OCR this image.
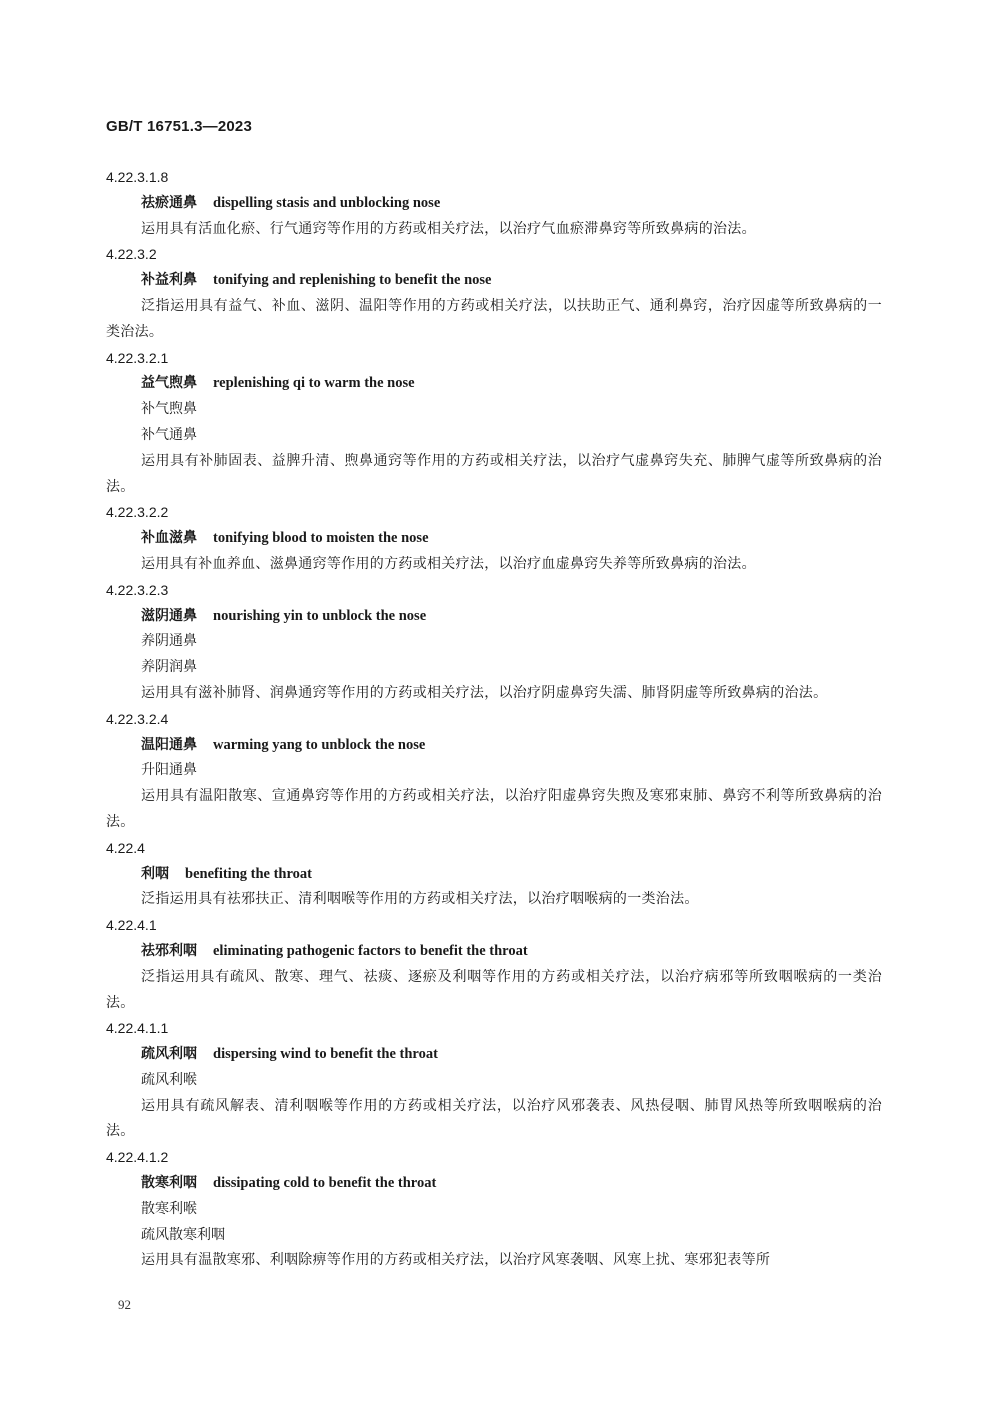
GB/T 16751.3—2023
4.22.3.1.8
祛瘀通鼻 dispelling stasis and unblocking nose
运用具有活血化瘀、行气通窍等作用的方药或相关疗法，以治疗气血瘀滞鼻窍等所致鼻病的治法。
4.22.3.2
补益利鼻 tonifying and replenishing to benefit the nose
泛指运用具有益气、补血、滋阴、温阳等作用的方药或相关疗法，以扶助正气、通利鼻窍，治疗因虚等所致鼻病的一类治法。
4.22.3.2.1
益气煦鼻 replenishing qi to warm the nose
补气煦鼻
补气通鼻
运用具有补肺固表、益脾升清、煦鼻通窍等作用的方药或相关疗法，以治疗气虚鼻窍失充、肺脾气虚等所致鼻病的治法。
4.22.3.2.2
补血滋鼻 tonifying blood to moisten the nose
运用具有补血养血、滋鼻通窍等作用的方药或相关疗法，以治疗血虚鼻窍失养等所致鼻病的治法。
4.22.3.2.3
滋阴通鼻 nourishing yin to unblock the nose
养阴通鼻
养阴润鼻
运用具有滋补肺肾、润鼻通窍等作用的方药或相关疗法，以治疗阴虚鼻窍失濡、肺肾阴虚等所致鼻病的治法。
4.22.3.2.4
温阳通鼻 warming yang to unblock the nose
升阳通鼻
运用具有温阳散寒、宣通鼻窍等作用的方药或相关疗法，以治疗阳虚鼻窍失煦及寒邪束肺、鼻窍不利等所致鼻病的治法。
4.22.4
利咽 benefiting the throat
泛指运用具有祛邪扶正、清利咽喉等作用的方药或相关疗法，以治疗咽喉病的一类治法。
4.22.4.1
祛邪利咽 eliminating pathogenic factors to benefit the throat
泛指运用具有疏风、散寒、理气、祛痰、逐瘀及利咽等作用的方药或相关疗法，以治疗病邪等所致咽喉病的一类治法。
4.22.4.1.1
疏风利咽 dispersing wind to benefit the throat
疏风利喉
运用具有疏风解表、清利咽喉等作用的方药或相关疗法，以治疗风邪袭表、风热侵咽、肺胃风热等所致咽喉病的治法。
4.22.4.1.2
散寒利咽 dissipating cold to benefit the throat
散寒利喉
疏风散寒利咽
运用具有温散寒邪、利咽除痹等作用的方药或相关疗法，以治疗风寒袭咽、风寒上扰、寒邪犯表等所
92
